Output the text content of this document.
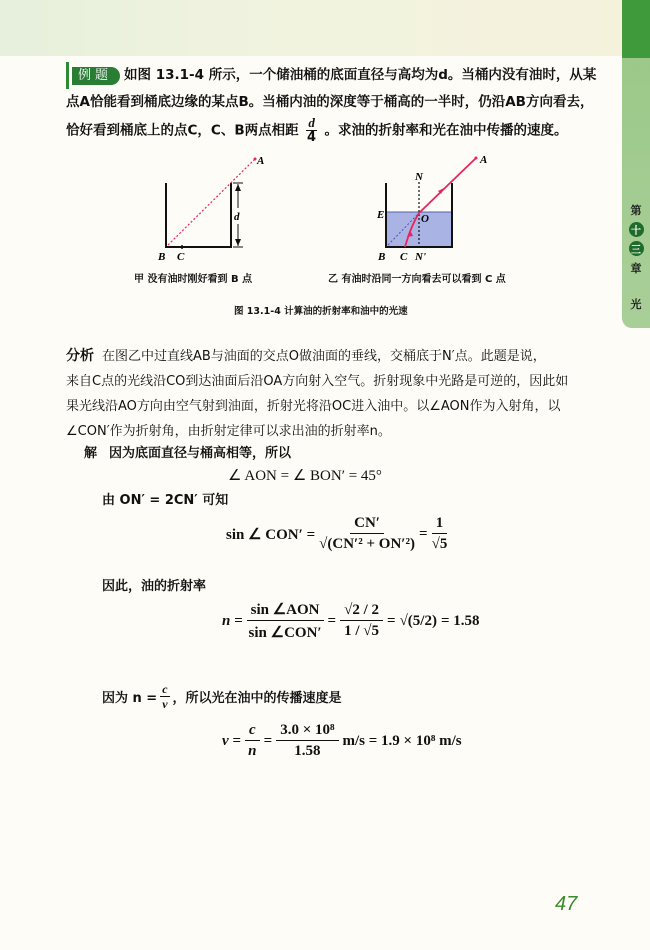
第
十
三
章
光
例题 如图 13.1-4 所示，一个储油桶的底面直径与高均为d。当桶内没有油时，从某
点A恰能看到桶底边缘的某点B。当桶内油的深度等于桶高的一半时，仍沿AB方向看去，
恰好看到桶底上的点C，C、B两点相距 $\frac{d}{4}$ 。求油的折射率和光在油中传播的速度。
A
d
B C
甲 没有油时刚好看到 B 点
A
N
E	O
B C N'
乙 有油时沿同一方向看去可以看到 C 点
图 13.1-4 计算油的折射率和油中的光速
分析 在图乙中过直线AB与油面的交点O做油面的垂线，交桶底于N′点。此题是说，
来自C点的光线沿CO到达油面后沿OA方向射入空气。折射现象中光路是可逆的，因此如
果光线沿AO方向由空气射到油面，折射光将沿OC进入油中。以∠AON作为入射角，以
∠CON′作为折射角，由折射定律可以求出油的折射率n。
解 因为底面直径与桶高相等，所以
∠ AON = ∠ BON′ = 45°
由 ON′ = 2CN′ 可知
sin ∠ $CON' = \frac{CN'}{\text{√(CN′² + ON′²)}} = \frac{1}{√5}$
因此，油的折射率
n =
sin ∠AON
sin ∠CON′
= $\frac{√2 / 2}{1 / √5} = √(5/2) = 1.58$
因为 $n = \frac{c}{v}$ ，所以光在油中的传播速度是
$v = \frac{c}{n} = \frac{\text{3.0 × 10⁸}}{1.58} m/s = 1.9 \times 10^8$ m/s
47
